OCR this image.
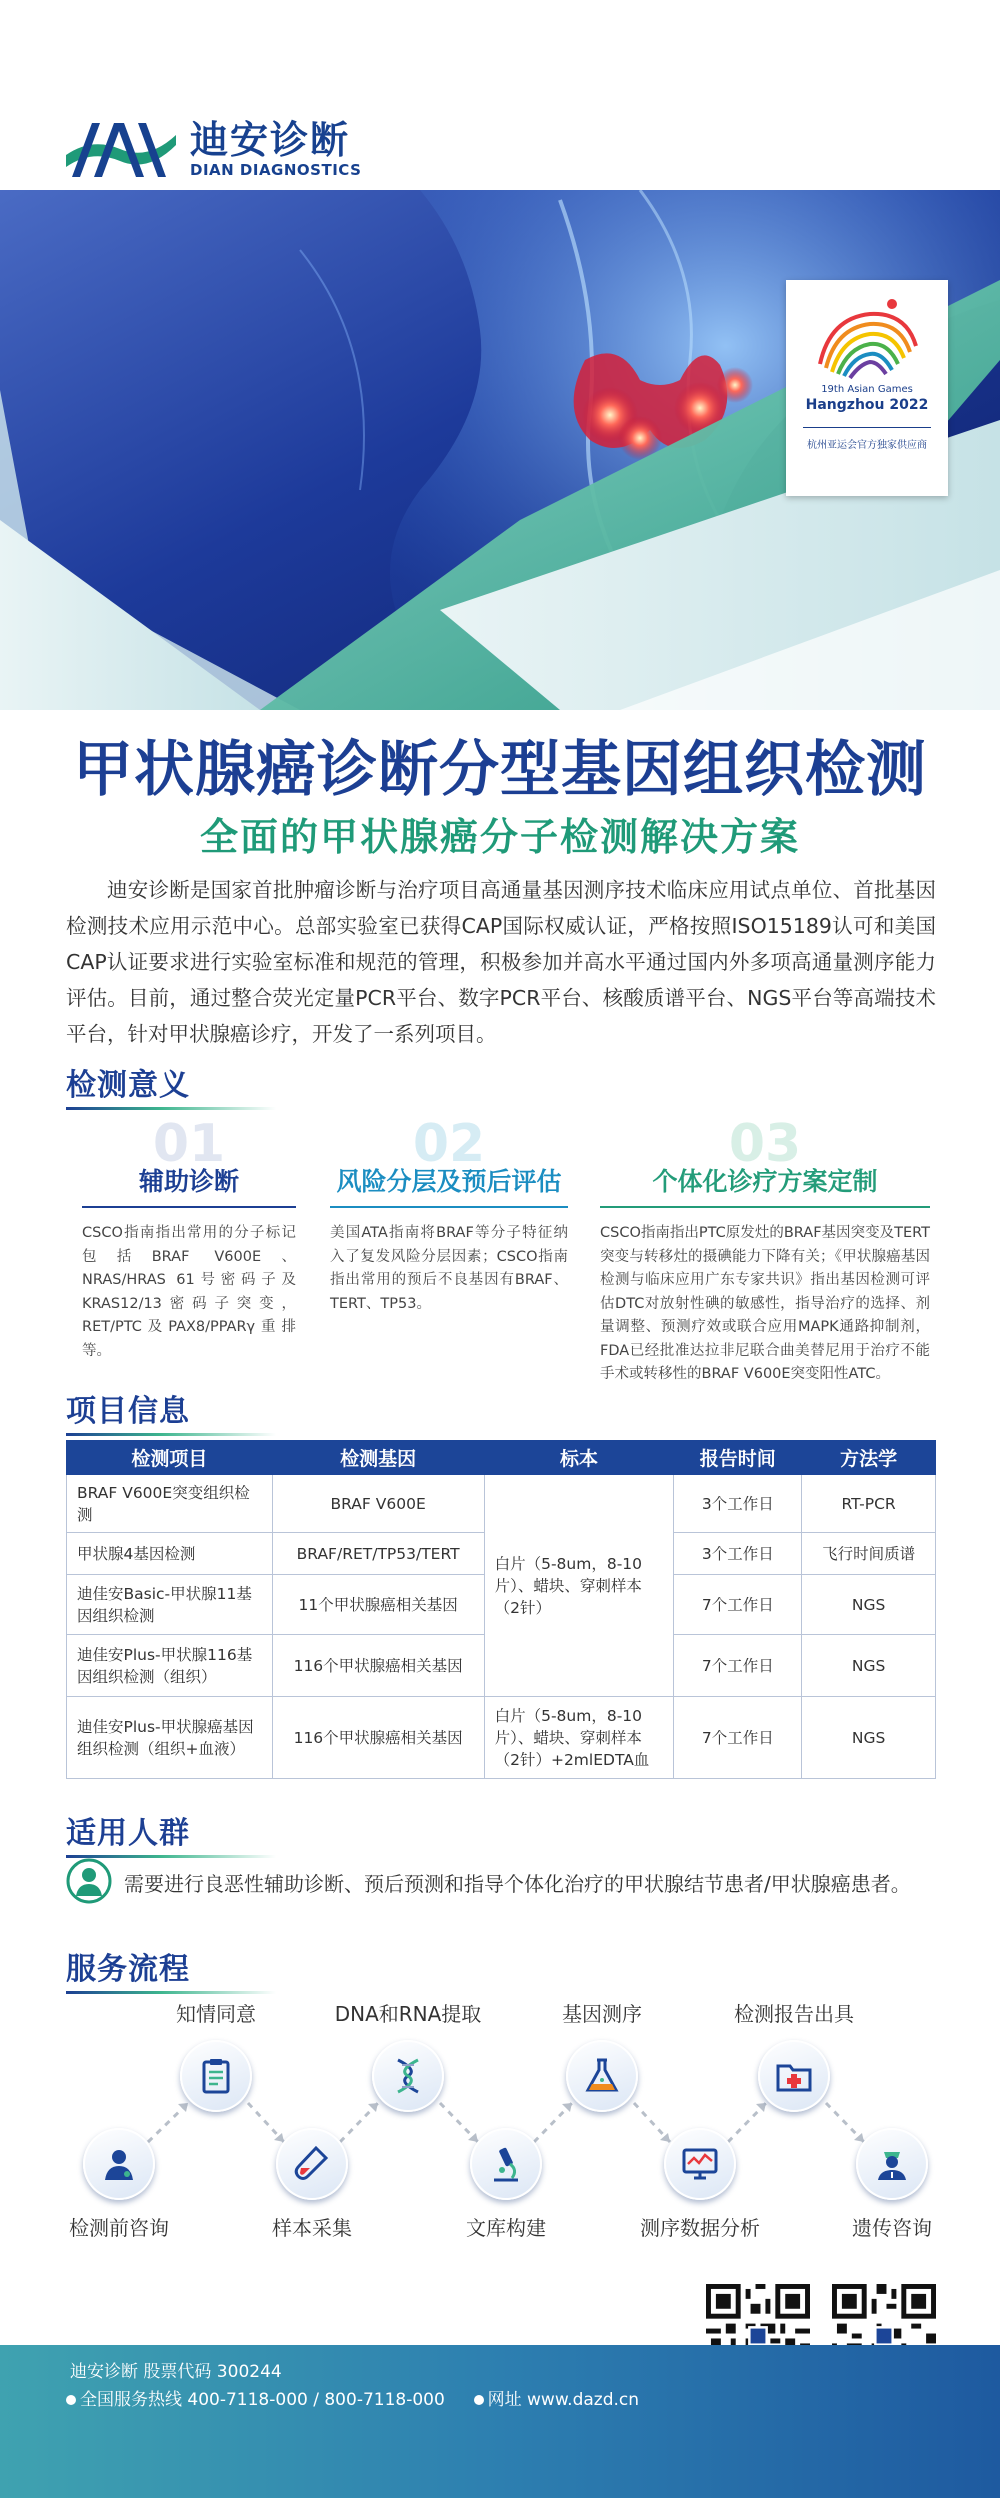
迪安诊断
DIAN DIAGNOSTICS
19th Asian Games
Hangzhou 2022
杭州亚运会官方独家供应商
甲状腺癌诊断分型基因组织检测
全面的甲状腺癌分子检测解决方案

迪安诊断是国家首批肿瘤诊断与治疗项目高通量基因测序技术临床应用试点单位、首批基因检测技术应用示范中心。总部实验室已获得CAP国际权威认证，严格按照ISO15189认可和美国CAP认证要求进行实验室标准和规范的管理，积极参加并高水平通过国内外多项高通量测序能力评估。目前，通过整合荧光定量PCR平台、数字PCR平台、核酸质谱平台、NGS平台等高端技术平台，针对甲状腺癌诊疗，开发了一系列项目。

检测意义
01
辅助诊断
CSCO指南指出常用的分子标记包括BRAF V600E、NRAS/HRAS 61号密码子及KRAS12/13密码子突变，RET/PTC及PAX8/PPARγ重排等。
02
风险分层及预后评估
美国ATA指南将BRAF等分子特征纳入了复发风险分层因素；CSCO指南指出常用的预后不良基因有BRAF、TERT、TP53。
03
个体化诊疗方案定制
CSCO指南指出PTC原发灶的BRAF基因突变及TERT突变与转移灶的摄碘能力下降有关；《甲状腺癌基因检测与临床应用广东专家共识》指出基因检测可评估DTC对放射性碘的敏感性，指导治疗的选择、剂量调整、预测疗效或联合应用MAPK通路抑制剂，FDA已经批准达拉非尼联合曲美替尼用于治疗不能手术或转移性的BRAF V600E突变阳性ATC。
项目信息
检测项目	检测基因	标本	报告时间	方法学
BRAF V600E突变组织检测	BRAF V600E	白片（5-8um，8-10片）、蜡块、穿刺样本（2针）	3个工作日	RT-PCR
甲状腺4基因检测	BRAF/RET/TP53/TERT		3个工作日	飞行时间质谱
迪佳安Basic-甲状腺11基因组织检测	11个甲状腺癌相关基因		7个工作日	NGS
迪佳安Plus-甲状腺116基因组织检测（组织）	116个甲状腺癌相关基因		7个工作日	NGS
迪佳安Plus-甲状腺癌基因组织检测（组织+血液）	116个甲状腺癌相关基因	白片（5-8um，8-10片）、蜡块、穿刺样本（2针）+2mlEDTA血	7个工作日	NGS
适用人群
需要进行良恶性辅助诊断、预后预测和指导个体化治疗的甲状腺结节患者/甲状腺癌患者。
服务流程
检测前咨询
知情同意
样本采集
DNA和RNA提取
文库构建
基因测序
测序数据分析
检测报告出具
遗传咨询
迪安诊断 股票代码 300244
全国服务热线 400-7118-000 / 800-7118-000	网址 www.dazd.cn
